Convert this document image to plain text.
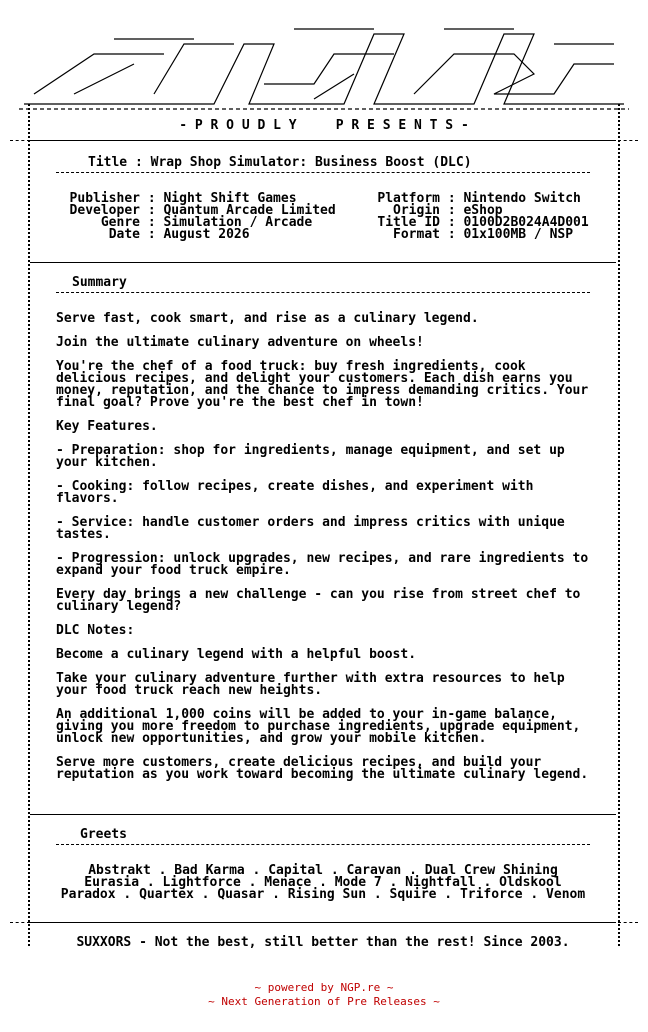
- P R O U D L Y     P R E S E N T S -
Title : Wrap Shop Simulator: Business Boost (DLC)
Publisher : Night Shift Games
Developer : Quantum Arcade Limited
Genre : Simulation / Arcade
Date : August 2026
Platform : Nintendo Switch
Origin : eShop
Title ID : 0100D2B024A4D001
Format : 01x100MB / NSP
Summary
Serve fast, cook smart, and rise as a culinary legend.
Join the ultimate culinary adventure on wheels!
You're the chef of a food truck: buy fresh ingredients, cook delicious recipes, and delight your customers. Each dish earns you money, reputation, and the chance to impress demanding critics. Your final goal? Prove you're the best chef in town!
Key Features.
- Preparation: shop for ingredients, manage equipment, and set up your kitchen.
- Cooking: follow recipes, create dishes, and experiment with flavors.
- Service: handle customer orders and impress critics with unique tastes.
- Progression: unlock upgrades, new recipes, and rare ingredients to expand your food truck empire.
Every day brings a new challenge - can you rise from street chef to culinary legend?
DLC Notes:
Become a culinary legend with a helpful boost.
Take your culinary adventure further with extra resources to help your food truck reach new heights.
An additional 1,000 coins will be added to your in-game balance, giving you more freedom to purchase ingredients, upgrade equipment, unlock new opportunities, and grow your mobile kitchen.
Serve more customers, create delicious recipes, and build your reputation as you work toward becoming the ultimate culinary legend.
Greets
Abstrakt . Bad Karma . Capital . Caravan . Dual Crew Shining
Eurasia . Lightforce . Menace . Mode 7 . Nightfall . Oldskool
Paradox . Quartex . Quasar . Rising Sun . Squire . Triforce . Venom
SUXXORS - Not the best, still better than the rest! Since 2003.
~ powered by NGP.re ~
~ Next Generation of Pre Releases ~
